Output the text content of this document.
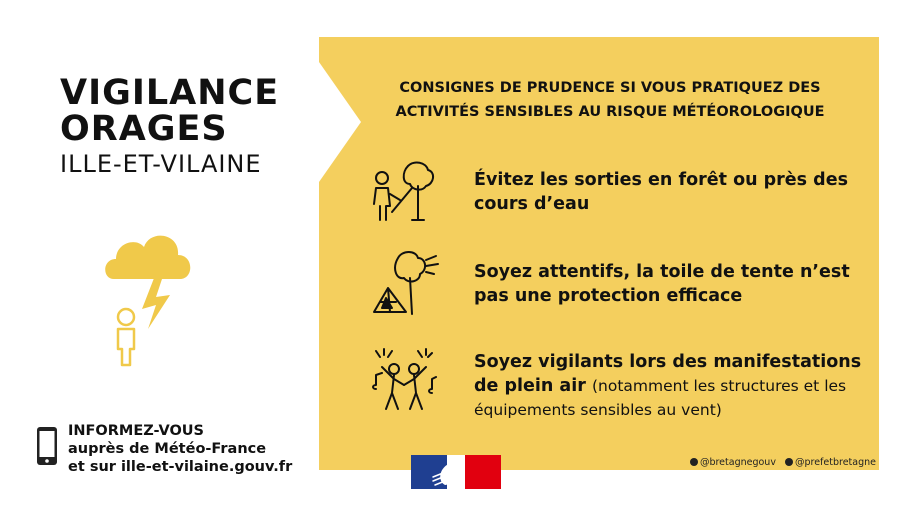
VIGILANCE
ORAGES
ILLE-ET-VILAINE
INFORMEZ-VOUS
auprès de Météo-France
et sur ille-et-vilaine.gouv.fr
CONSIGNES DE PRUDENCE SI VOUS PRATIQUEZ DES
ACTIVITÉS SENSIBLES AU RISQUE MÉTÉOROLOGIQUE
Évitez les sorties en forêt ou près des cours d’eau
Soyez attentifs, la toile de tente n’est pas une protection efficace
Soyez vigilants lors des manifestations de plein air (notamment les structures et les équipements sensibles au vent)
@bretagnegouv @prefetbretagne
